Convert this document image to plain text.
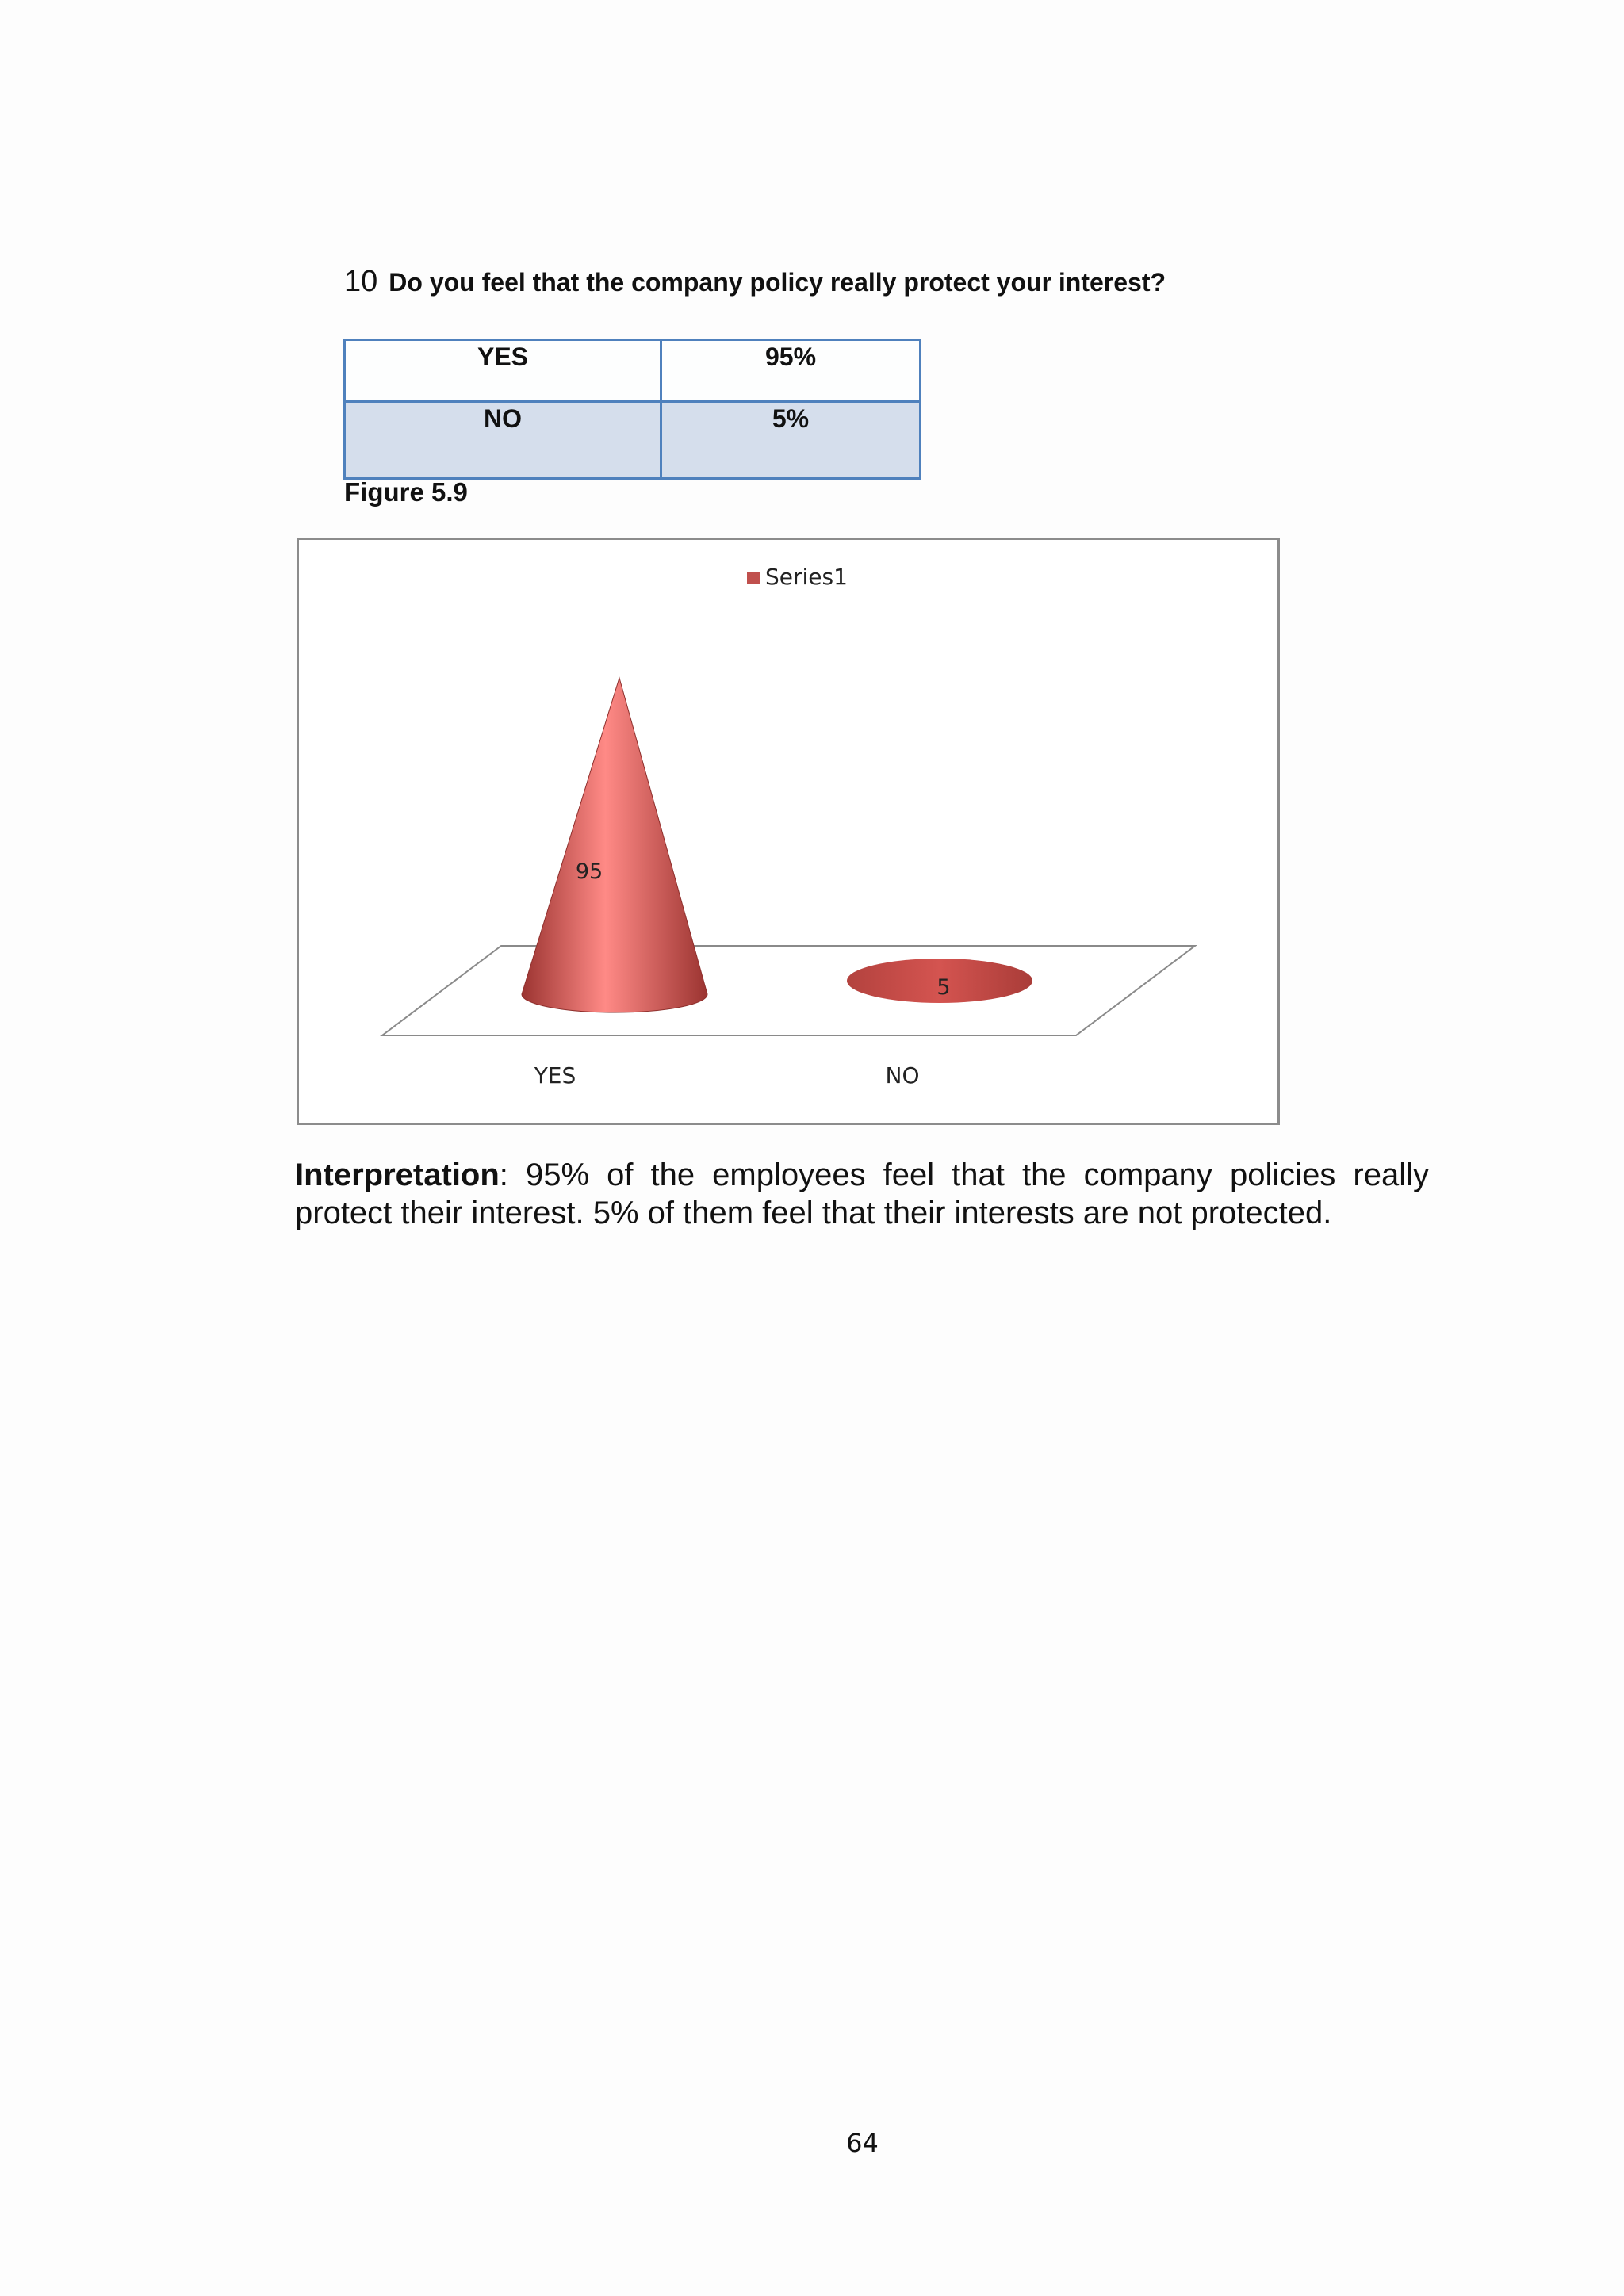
10 Do you feel that the company policy really protect your interest?
YES	95%
NO	5%
Figure 5.9
Series1
95
5
YES	NO
Interpretation: 95% of the employees feel that the company policies really protect their interest. 5% of them feel that their interests are not protected.
64
